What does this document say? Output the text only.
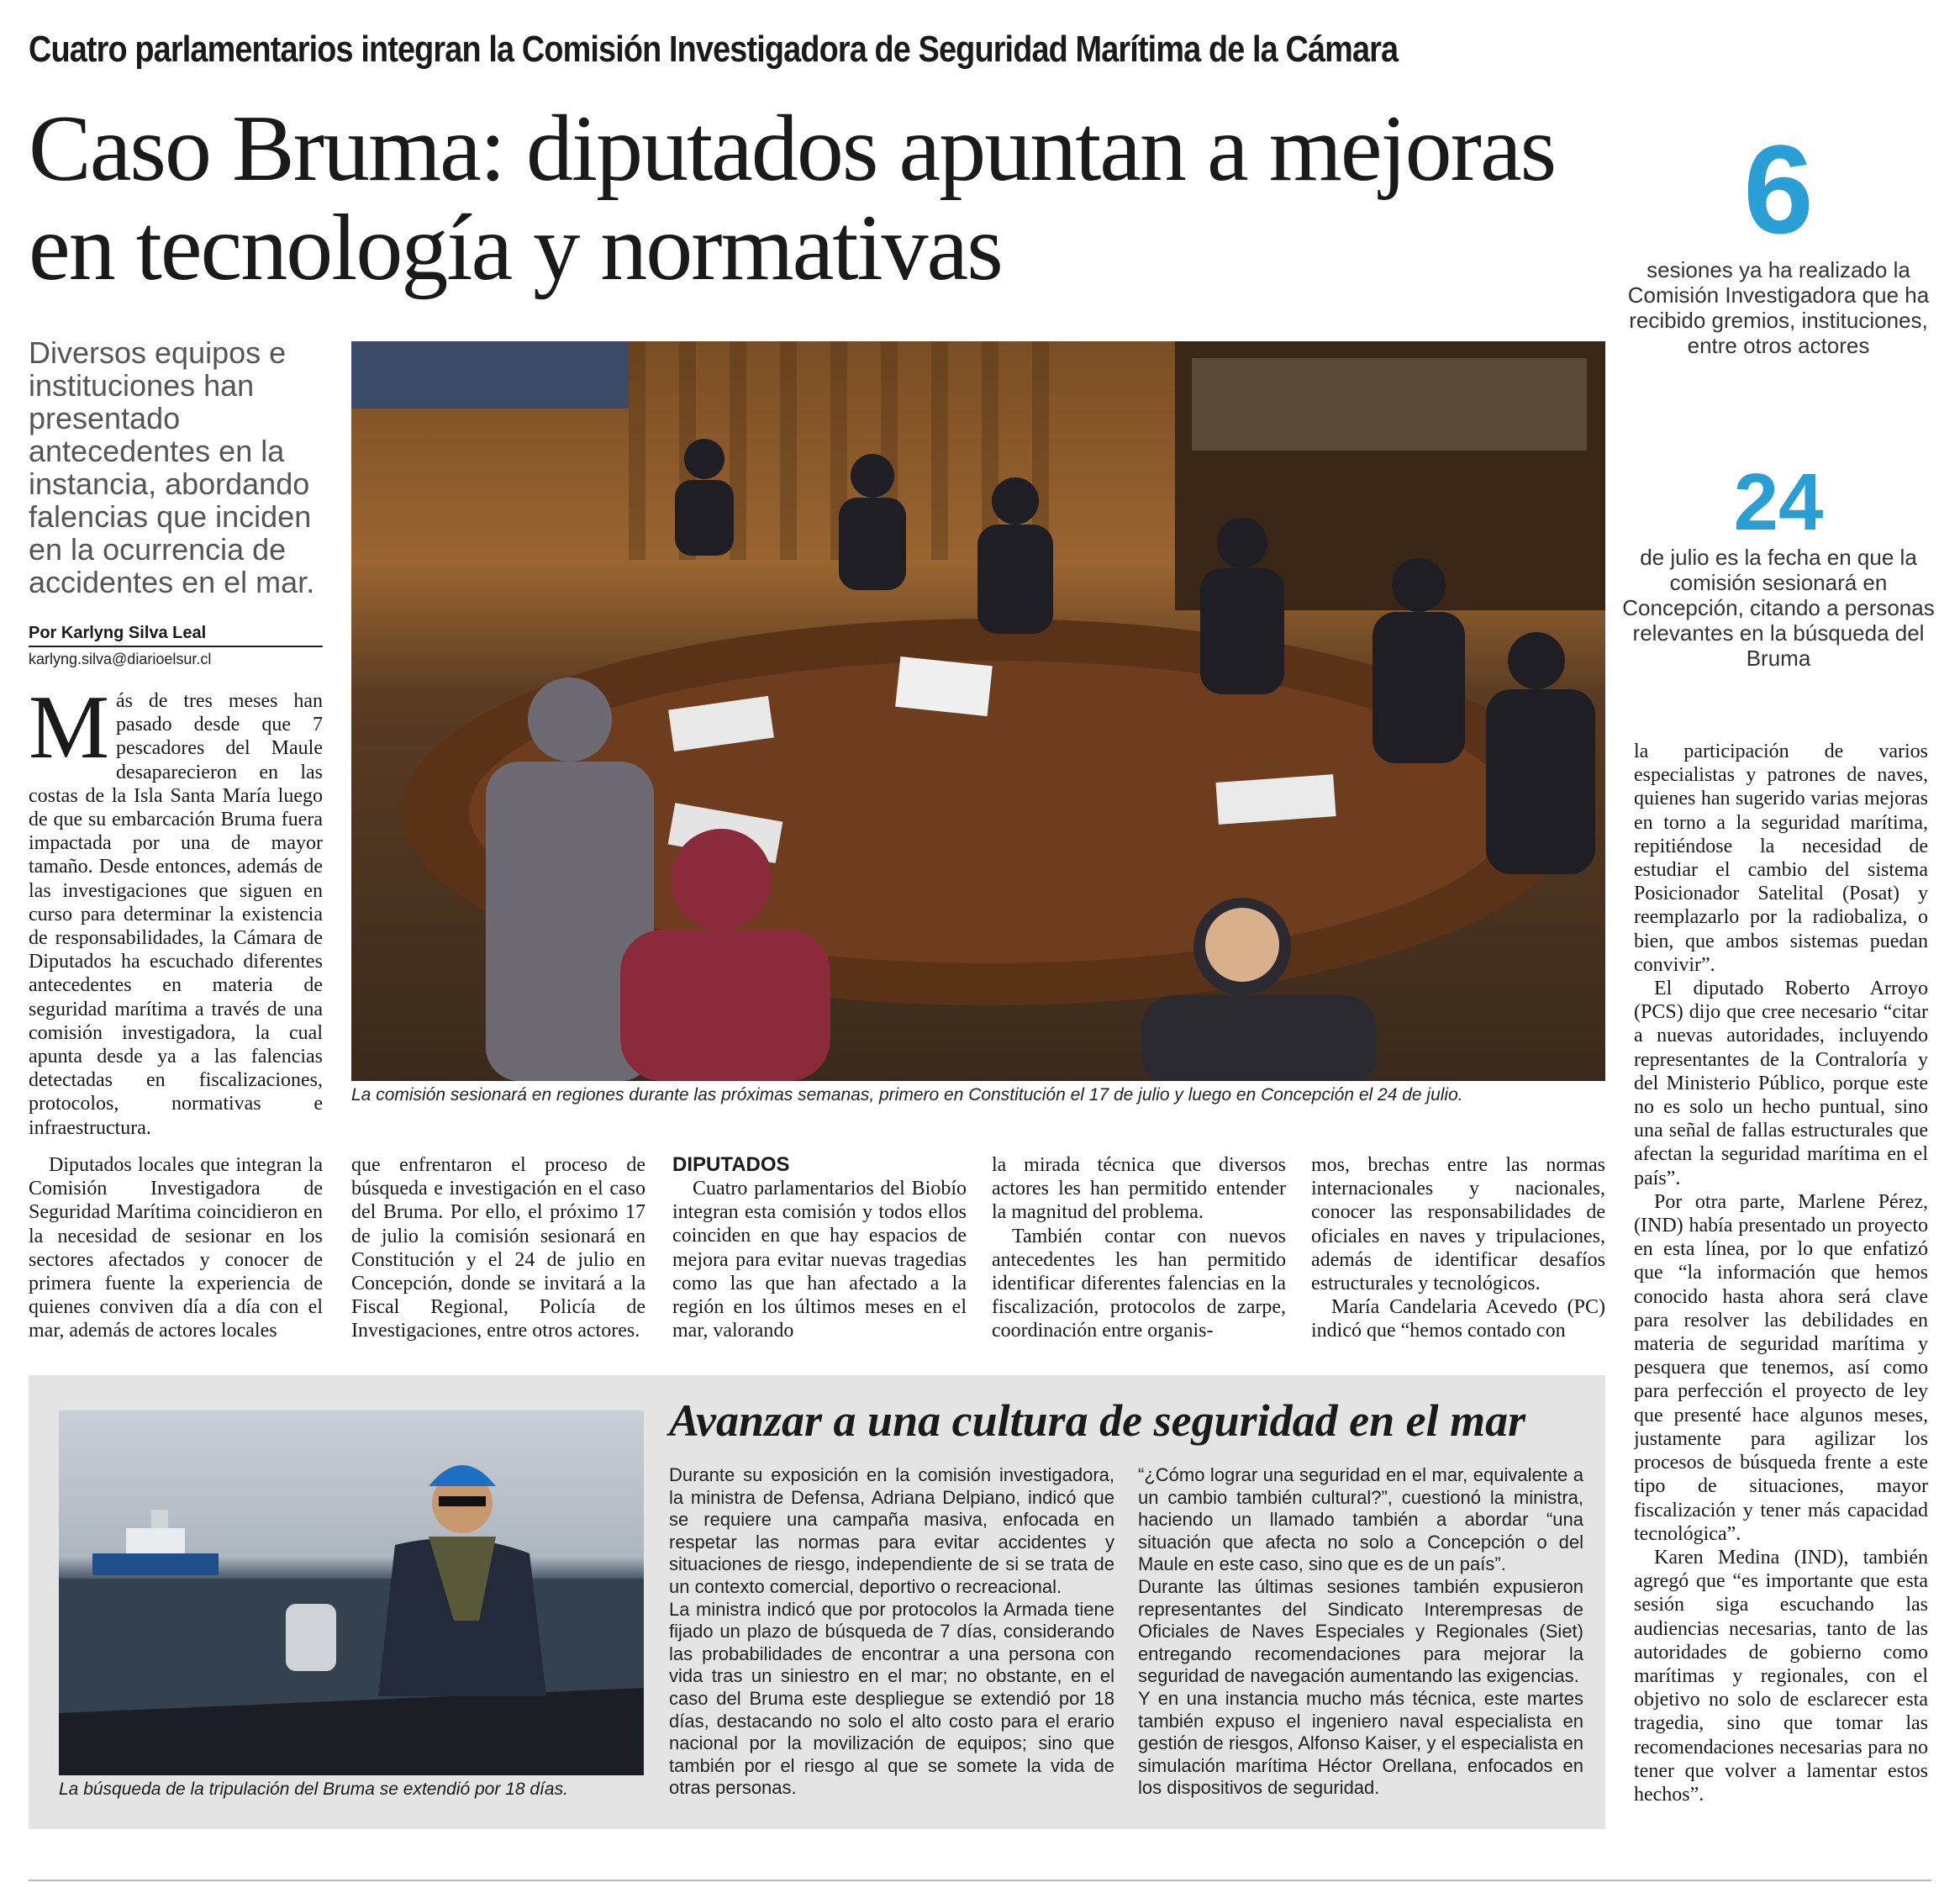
Cuatro parlamentarios integran la Comisión Investigadora de Seguridad Marítima de la Cámara
Caso Bruma: diputados apuntan a mejoras en tecnología y normativas	6
sesiones ya ha realizado la Comisión Investigadora que ha recibido gremios, instituciones, entre otros actores
24
de julio es la fecha en que la comisión sesionará en Concepción, citando a personas relevantes en la búsqueda del Bruma
Diversos equipos e instituciones han presentado antecedentes en la instancia, abordando falencias que inciden en la ocurrencia de accidentes en el mar.
Por Karlyng Silva Leal
karlyng.silva@diarioelsur.cl
La comisión sesionará en regiones durante las próximas semanas, primero en Constitución el 17 de julio y luego en Concepción el 24 de julio.

Más de tres meses han pasado desde que 7 pescadores del Maule desaparecieron en las costas de la Isla Santa María luego de que su embarcación Bruma fuera impactada por una de mayor tamaño. Desde entonces, además de las investigaciones que siguen en curso para determinar la existencia de responsabilidades, la Cámara de Diputados ha escuchado diferentes antecedentes en materia de seguridad marítima a través de una comisión investigadora, la cual apunta desde ya a las falencias detectadas en fiscalizaciones, protocolos, normativas e infraestructura.

Diputados locales que integran la Comisión Investigadora de Seguridad Marítima coincidieron en la necesidad de sesionar en los sectores afectados y conocer de primera fuente la experiencia de quienes conviven día a día con el mar, además de actores locales

que enfrentaron el proceso de búsqueda e investigación en el caso del Bruma. Por ello, el próximo 17 de julio la comisión sesionará en Constitución y el 24 de julio en Concepción, donde se invitará a la Fiscal Regional, Policía de Investigaciones, entre otros actores.

DIPUTADOS

Cuatro parlamentarios del Biobío integran esta comisión y todos ellos coinciden en que hay espacios de mejora para evitar nuevas tragedias como las que han afectado a la región en los últimos meses en el mar, valorando

la mirada técnica que diversos actores les han permitido entender la magnitud del problema.

También contar con nuevos antecedentes les han permitido identificar diferentes falencias en la fiscalización, protocolos de zarpe, coordinación entre organis-

mos, brechas entre las normas internacionales y nacionales, conocer las responsabilidades de oficiales en naves y tripulaciones, además de identificar desafíos estructurales y tecnológicos.

María Candelaria Acevedo (PC) indicó que “hemos contado con

la participación de varios especialistas y patrones de naves, quienes han sugerido varias mejoras en torno a la seguridad marítima, repitiéndose la necesidad de estudiar el cambio del sistema Posicionador Satelital (Posat) y reemplazarlo por la radiobaliza, o bien, que ambos sistemas puedan convivir”.

El diputado Roberto Arroyo (PCS) dijo que cree necesario “citar a nuevas autoridades, incluyendo representantes de la Contraloría y del Ministerio Público, porque este no es solo un hecho puntual, sino una señal de fallas estructurales que afectan la seguridad marítima en el país”.

Por otra parte, Marlene Pérez, (IND) había presentado un proyecto en esta línea, por lo que enfatizó que “la información que hemos conocido hasta ahora será clave para resolver las debilidades en materia de seguridad marítima y pesquera que tenemos, así como para perfección el proyecto de ley que presenté hace algunos meses, justamente para agilizar los procesos de búsqueda frente a este tipo de situaciones, mayor fiscalización y tener más capacidad tecnológica”.

Karen Medina (IND), también agregó que “es importante que esta sesión siga escuchando las audiencias necesarias, tanto de las autoridades de gobierno como marítimas y regionales, con el objetivo no solo de esclarecer esta tragedia, sino que tomar las recomendaciones necesarias para no tener que volver a lamentar estos hechos”.

La búsqueda de la tripulación del Bruma se extendió por 18 días.
Avanzar a una cultura de seguridad en el mar

Durante su exposición en la comisión investigadora, la ministra de Defensa, Adriana Delpiano, indicó que se requiere una campaña masiva, enfocada en respetar las normas para evitar accidentes y situaciones de riesgo, independiente de si se trata de un contexto comercial, deportivo o recreacional.

La ministra indicó que por protocolos la Armada tiene fijado un plazo de búsqueda de 7 días, considerando las probabilidades de encontrar a una persona con vida tras un siniestro en el mar; no obstante, en el caso del Bruma este despliegue se extendió por 18 días, destacando no solo el alto costo para el erario nacional por la movilización de equipos; sino que también por el riesgo al que se somete la vida de otras personas.

“¿Cómo lograr una seguridad en el mar, equivalente a un cambio también cultural?”, cuestionó la ministra, haciendo un llamado también a abordar “una situación que afecta no solo a Concepción o del Maule en este caso, sino que es de un país”.

Durante las últimas sesiones también expusieron representantes del Sindicato Interempresas de Oficiales de Naves Especiales y Regionales (Siet) entregando recomendaciones para mejorar la seguridad de navegación aumentando las exigencias.

Y en una instancia mucho más técnica, este martes también expuso el ingeniero naval especialista en gestión de riesgos, Alfonso Kaiser, y el especialista en simulación marítima Héctor Orellana, enfocados en los dispositivos de seguridad.
